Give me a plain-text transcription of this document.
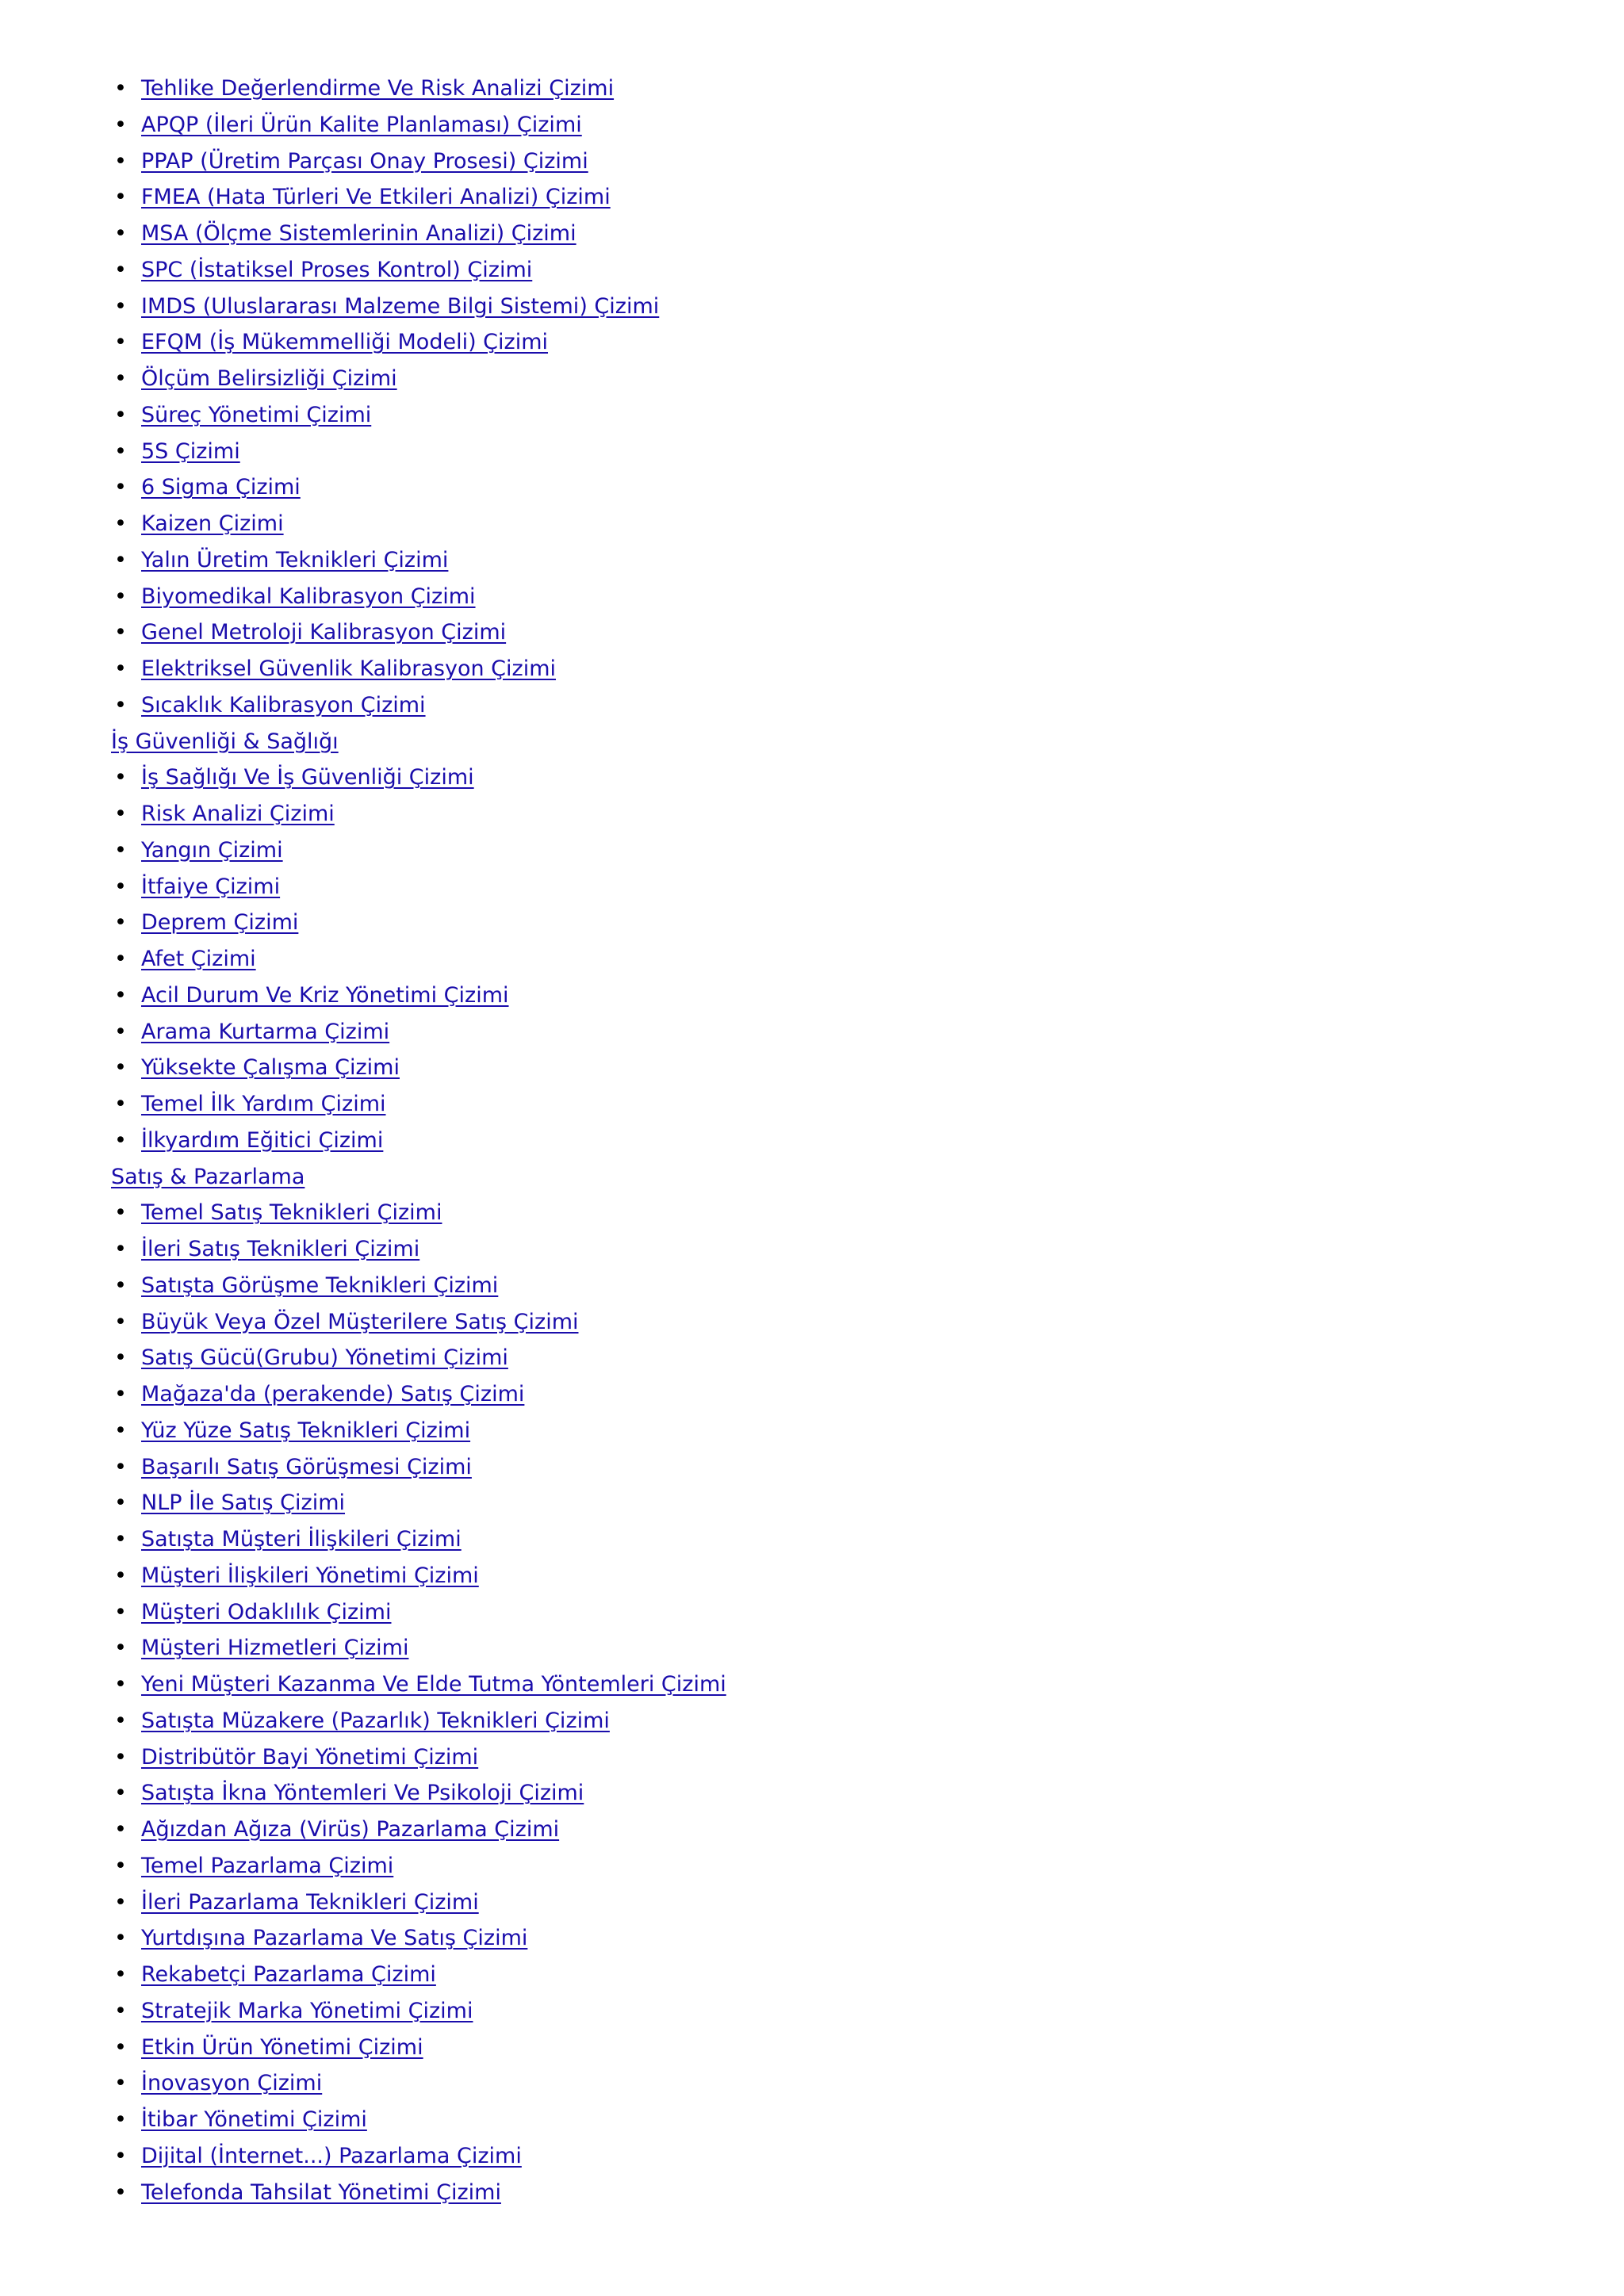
• Tehlike Değerlendirme Ve Risk Analizi Çizimi
• APQP (İleri Ürün Kalite Planlaması) Çizimi
• PPAP (Üretim Parçası Onay Prosesi) Çizimi
• FMEA (Hata Türleri Ve Etkileri Analizi) Çizimi
• MSA (Ölçme Sistemlerinin Analizi) Çizimi
• SPC (İstatiksel Proses Kontrol) Çizimi
• IMDS (Uluslararası Malzeme Bilgi Sistemi) Çizimi
• EFQM (İş Mükemmelliği Modeli) Çizimi
• Ölçüm Belirsizliği Çizimi
• Süreç Yönetimi Çizimi
• 5S Çizimi
• 6 Sigma Çizimi
• Kaizen Çizimi
• Yalın Üretim Teknikleri Çizimi
• Biyomedikal Kalibrasyon Çizimi
• Genel Metroloji Kalibrasyon Çizimi
• Elektriksel Güvenlik Kalibrasyon Çizimi
• Sıcaklık Kalibrasyon Çizimi
İş Güvenliği & Sağlığı
• İş Sağlığı Ve İş Güvenliği Çizimi
• Risk Analizi Çizimi
• Yangın Çizimi
• İtfaiye Çizimi
• Deprem Çizimi
• Afet Çizimi
• Acil Durum Ve Kriz Yönetimi Çizimi
• Arama Kurtarma Çizimi
• Yüksekte Çalışma Çizimi
• Temel İlk Yardım Çizimi
• İlkyardım Eğitici Çizimi
Satış & Pazarlama
• Temel Satış Teknikleri Çizimi
• İleri Satış Teknikleri Çizimi
• Satışta Görüşme Teknikleri Çizimi
• Büyük Veya Özel Müşterilere Satış Çizimi
• Satış Gücü(Grubu) Yönetimi Çizimi
• Mağaza'da (perakende) Satış Çizimi
• Yüz Yüze Satış Teknikleri Çizimi
• Başarılı Satış Görüşmesi Çizimi
• NLP İle Satış Çizimi
• Satışta Müşteri İlişkileri Çizimi
• Müşteri İlişkileri Yönetimi Çizimi
• Müşteri Odaklılık Çizimi
• Müşteri Hizmetleri Çizimi
• Yeni Müşteri Kazanma Ve Elde Tutma Yöntemleri Çizimi
• Satışta Müzakere (Pazarlık) Teknikleri Çizimi
• Distribütör Bayi Yönetimi Çizimi
• Satışta İkna Yöntemleri Ve Psikoloji Çizimi
• Ağızdan Ağıza (Virüs) Pazarlama Çizimi
• Temel Pazarlama Çizimi
• İleri Pazarlama Teknikleri Çizimi
• Yurtdışına Pazarlama Ve Satış Çizimi
• Rekabetçi Pazarlama Çizimi
• Stratejik Marka Yönetimi Çizimi
• Etkin Ürün Yönetimi Çizimi
• İnovasyon Çizimi
• İtibar Yönetimi Çizimi
• Dijital (İnternet...) Pazarlama Çizimi
• Telefonda Tahsilat Yönetimi Çizimi
